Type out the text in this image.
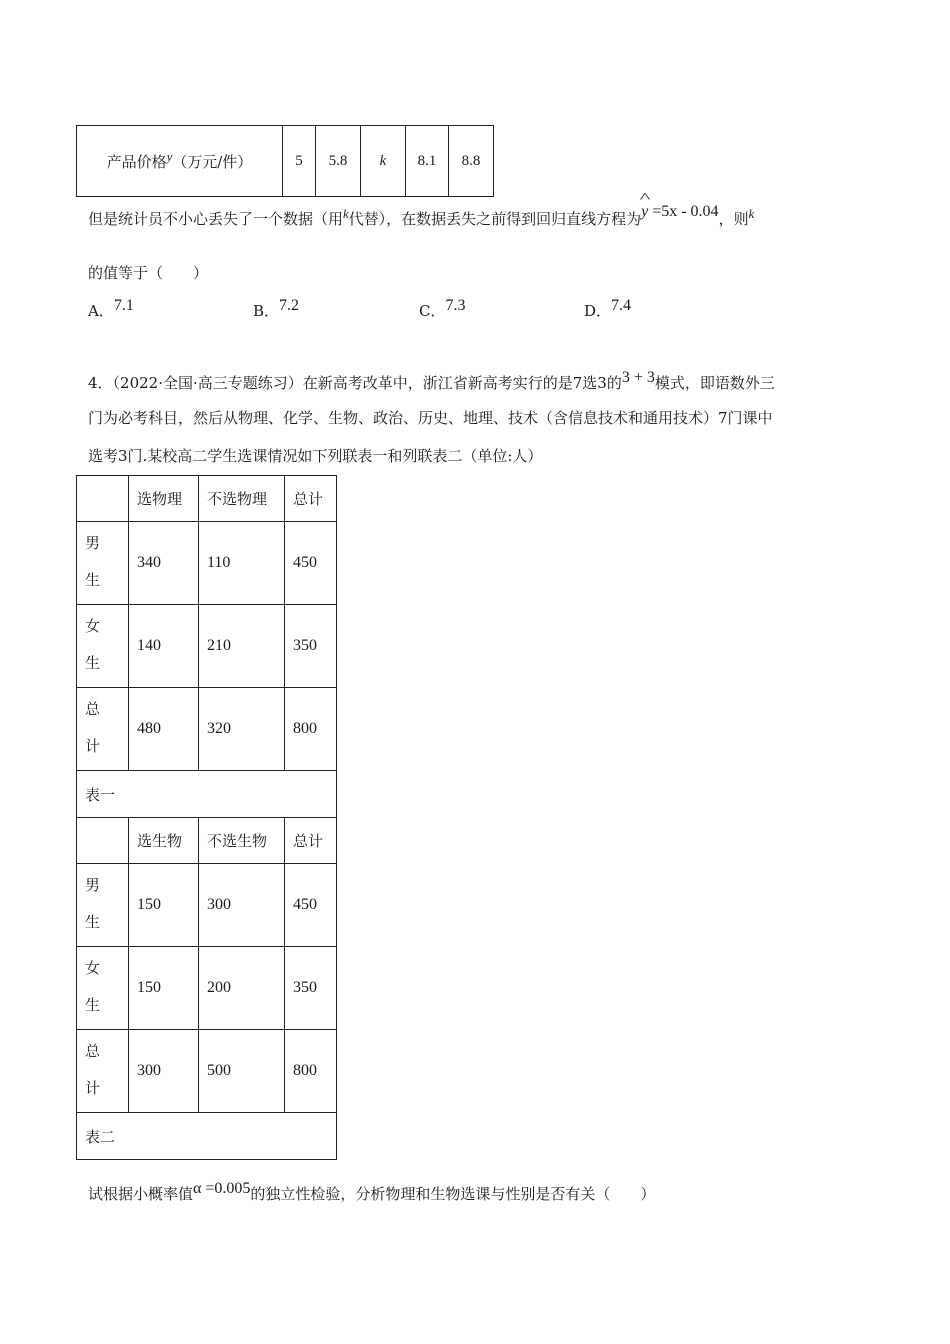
产品价格$^y$（万元/件）	5	5.8	k	8.1	8.8
但是统计员不小心丢失了一个数据（用$^k$代替），在数据丢失之前得到回归直线方程为^ y =5x - 0.04，则$^k$
的值等于（　　）
A．$^{7.1}$	B．$^{7.2}$	C．$^{7.3}$	D．$^{7.4}$
4．（2022·全国·高三专题练习）在新高考改革中，浙江省新高考实行的是7选3的$^{3 + 3}$模式，即语数外三
门为必考科目，然后从物理、化学、生物、政治、历史、地理、技术（含信息技术和通用技术）7门课中
选考3门.某校高二学生选课情况如下列联表一和列联表二（单位:人）
	选物理	不选物理	总计

男
生	340	110	450

女
生	140	210	350

总
计	480	320	800
表一			
	选生物	不选生物	总计

男
生	150	300	450

女
生	150	200	350

总
计	300	500	800
表二			
试根据小概率值$^{\alpha =0.005}$的独立性检验，分析物理和生物选课与性别是否有关（　　）
